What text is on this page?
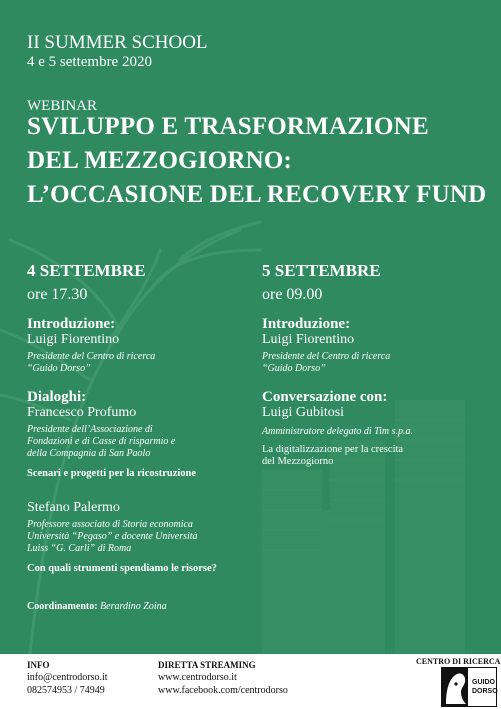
II SUMMER SCHOOL
4 e 5 settembre 2020
WEBINAR
SVILUPPO E TRASFORMAZIONE
DEL MEZZOGIORNO:
L’OCCASIONE DEL RECOVERY FUND
4 SETTEMBRE
ore 17.30
Introduzione:
Luigi Fiorentino
Presidente del Centro di ricerca
“Guido Dorso”
Dialoghi:
Francesco Profumo
Presidente dell’Associazione di
Fondazioni e di Casse di risparmio e
della Compagnia di San Paolo
Scenari e progetti per la ricostruzione
Stefano Palermo
Professore associato di Storia economica
Università “Pegaso” e docente Università
Luiss “G. Carli” di Roma
Con quali strumenti spendiamo le risorse?
Coordinamento: Berardino Zoina
5 SETTEMBRE
ore 09.00
Introduzione:
Luigi Fiorentino
Presidente del Centro di ricerca
“Guido Dorso”
Conversazione con:
Luigi Gubitosi
Amministratore delegato di Tim s.p.a.
La digitalizzazione per la crescita
del Mezzogiorno
INFO
info@centrodorso.it
082574953 / 74949
DIRETTA STREAMING
www.centrodorso.it
www.facebook.com/centrodorso
CENTRO DI RICERCA
GUIDO
DORSO
